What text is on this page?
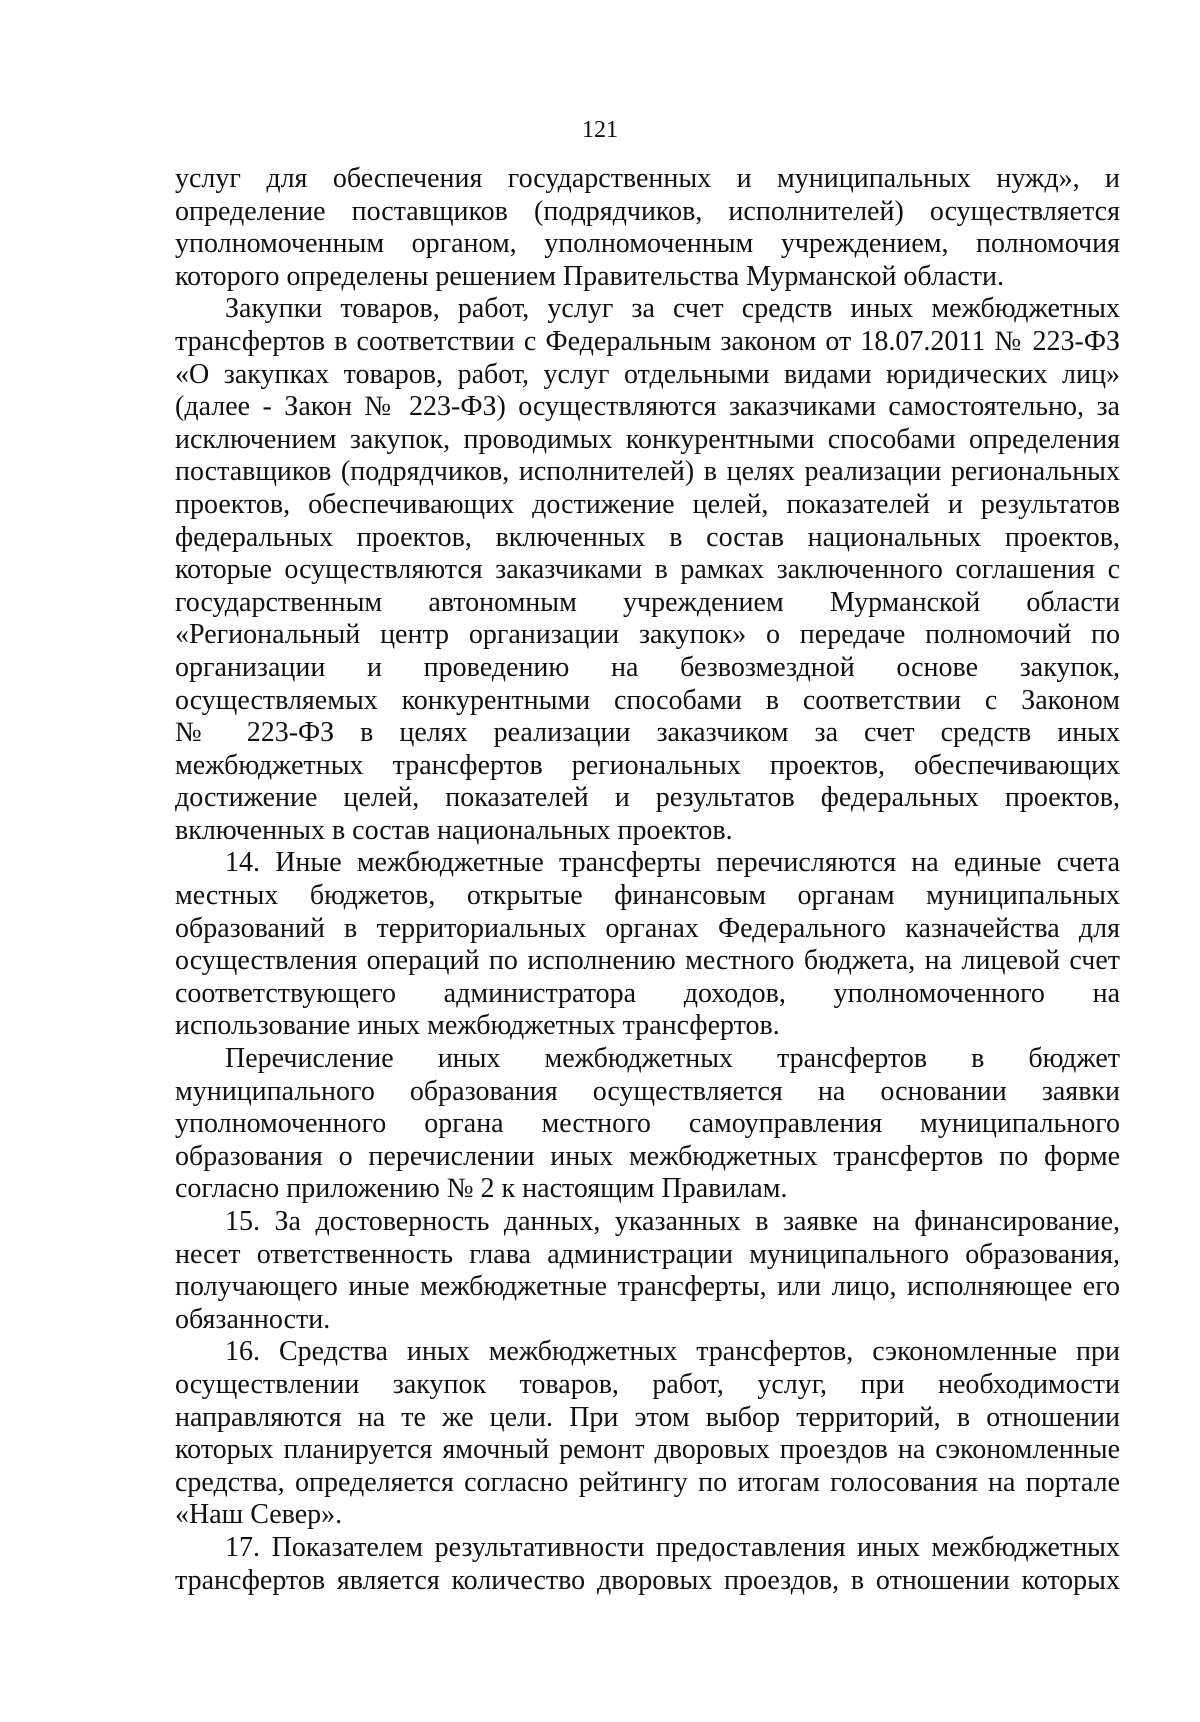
121
услуг для обеспечения государственных и муниципальных нужд», и
определение поставщиков (подрядчиков, исполнителей) осуществляется
уполномоченным органом, уполномоченным учреждением, полномочия
которого определены решением Правительства Мурманской области.
Закупки товаров, работ, услуг за счет средств иных межбюджетных
трансфертов в соответствии с Федеральным законом от 18.07.2011 № 223-ФЗ
«О закупках товаров, работ, услуг отдельными видами юридических лиц»
(далее - Закон № 223-ФЗ) осуществляются заказчиками самостоятельно, за
исключением закупок, проводимых конкурентными способами определения
поставщиков (подрядчиков, исполнителей) в целях реализации региональных
проектов, обеспечивающих достижение целей, показателей и результатов
федеральных проектов, включенных в состав национальных проектов,
которые осуществляются заказчиками в рамках заключенного соглашения с
государственным автономным учреждением Мурманской области
«Региональный центр организации закупок» о передаче полномочий по
организации и проведению на безвозмездной основе закупок,
осуществляемых конкурентными способами в соответствии с Законом
№ 223-ФЗ в целях реализации заказчиком за счет средств иных
межбюджетных трансфертов региональных проектов, обеспечивающих
достижение целей, показателей и результатов федеральных проектов,
включенных в состав национальных проектов.
14. Иные межбюджетные трансферты перечисляются на единые счета
местных бюджетов, открытые финансовым органам муниципальных
образований в территориальных органах Федерального казначейства для
осуществления операций по исполнению местного бюджета, на лицевой счет
соответствующего администратора доходов, уполномоченного на
использование иных межбюджетных трансфертов.
Перечисление иных межбюджетных трансфертов в бюджет
муниципального образования осуществляется на основании заявки
уполномоченного органа местного самоуправления муниципального
образования о перечислении иных межбюджетных трансфертов по форме
согласно приложению № 2 к настоящим Правилам.
15. За достоверность данных, указанных в заявке на финансирование,
несет ответственность глава администрации муниципального образования,
получающего иные межбюджетные трансферты, или лицо, исполняющее его
обязанности.
16. Средства иных межбюджетных трансфертов, сэкономленные при
осуществлении закупок товаров, работ, услуг, при необходимости
направляются на те же цели. При этом выбор территорий, в отношении
которых планируется ямочный ремонт дворовых проездов на сэкономленные
средства, определяется согласно рейтингу по итогам голосования на портале
«Наш Север».
17. Показателем результативности предоставления иных межбюджетных
трансфертов является количество дворовых проездов, в отношении которых
